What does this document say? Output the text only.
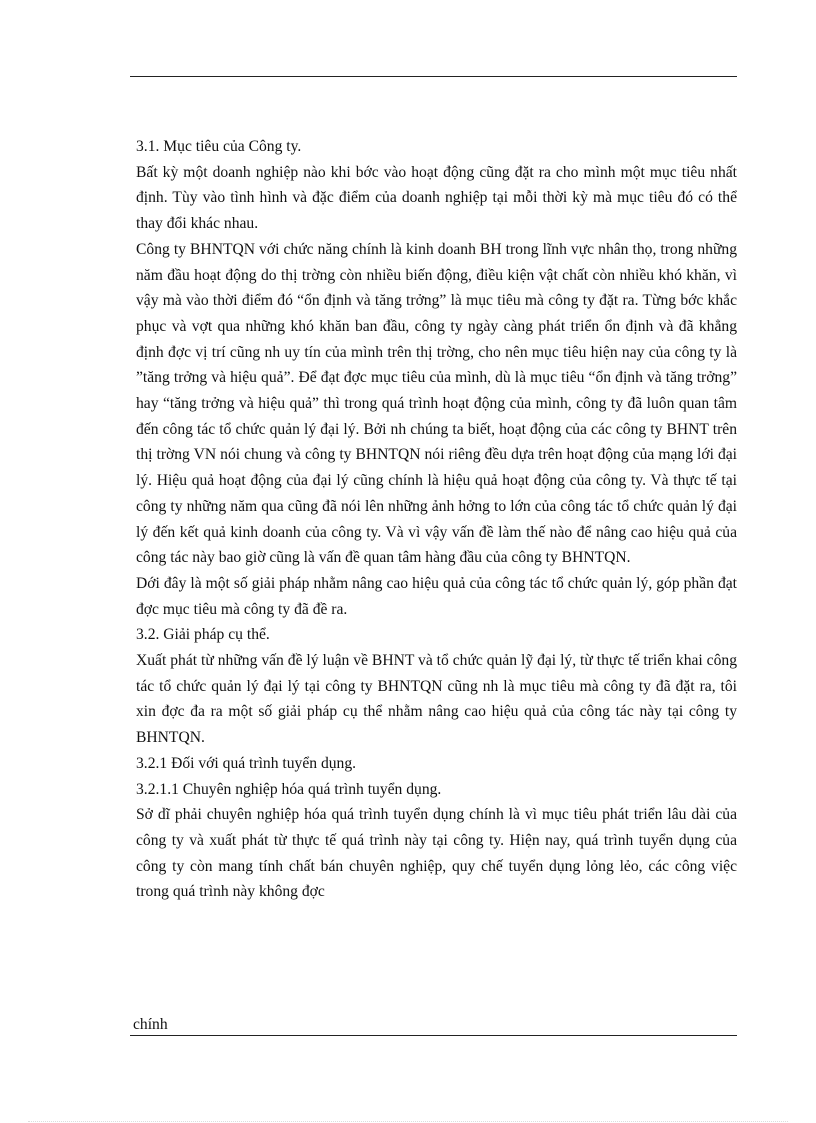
3.1. Mục tiêu của Công ty.

Bất kỳ một doanh nghiệp nào khi bớc vào hoạt động cũng đặt ra cho mình một mục tiêu nhất định. Tùy vào tình hình và đặc điểm của doanh nghiệp tại mỗi thời kỳ mà mục tiêu đó có thể thay đổi khác nhau.

Công ty BHNTQN với chức năng chính là kinh doanh BH trong lĩnh vực nhân thọ, trong những năm đầu hoạt động do thị trờng còn nhiều biến động, điều kiện vật chất còn nhiều khó khăn, vì vậy mà vào thời điểm đó “ổn định và tăng trởng” là mục tiêu mà công ty đặt ra. Từng bớc khắc phục và vợt qua những khó khăn ban đầu, công ty ngày càng phát triển ổn định và đã khẳng định đợc vị trí cũng nh uy tín của mình trên thị trờng, cho nên mục tiêu hiện nay của công ty là ”tăng trởng và hiệu quả”. Để đạt đợc mục tiêu của mình, dù là mục tiêu “ổn định và tăng trởng” hay “tăng trởng và hiệu quả” thì trong quá trình hoạt động của mình, công ty đã luôn quan tâm đến công tác tổ chức quản lý đại lý. Bởi nh chúng ta biết, hoạt động của các công ty BHNT trên thị trờng VN nói chung và công ty BHNTQN nói riêng đều dựa trên hoạt động của mạng lới đại lý. Hiệu quả hoạt động của đại lý cũng chính là hiệu quả hoạt động của công ty. Và thực tế tại công ty những năm qua cũng đã nói lên những ảnh hởng to lớn của công tác tổ chức quản lý đại lý đến kết quả kinh doanh của công ty. Và vì vậy vấn đề làm thế nào để nâng cao hiệu quả của công tác này bao giờ cũng là vấn đề quan tâm hàng đầu của công ty BHNTQN.

Dới đây là một số giải pháp nhằm nâng cao hiệu quả của công tác tổ chức quản lý, góp phần đạt đợc mục tiêu mà công ty đã đề ra.

3.2. Giải pháp cụ thể.

Xuất phát từ những vấn đề lý luận về BHNT và tổ chức quản lỹ đại lý, từ thực tế triển khai công tác tổ chức quản lý đại lý tại công ty BHNTQN cũng nh là mục tiêu mà công ty đã đặt ra, tôi xin đợc đa ra một số giải pháp cụ thể nhằm nâng cao hiệu quả của công tác này tại công ty BHNTQN.

3.2.1 Đối với quá trình tuyển dụng.

3.2.1.1 Chuyên nghiệp hóa quá trình tuyển dụng.

Sở dĩ phải chuyên nghiệp hóa quá trình tuyển dụng chính là vì mục tiêu phát triển lâu dài của công ty và xuất phát từ thực tế quá trình này tại công ty. Hiện nay, quá trình tuyển dụng của công ty còn mang tính chất bán chuyên nghiệp, quy chế tuyển dụng lỏng lẻo, các công việc trong quá trình này không đợc

chính
